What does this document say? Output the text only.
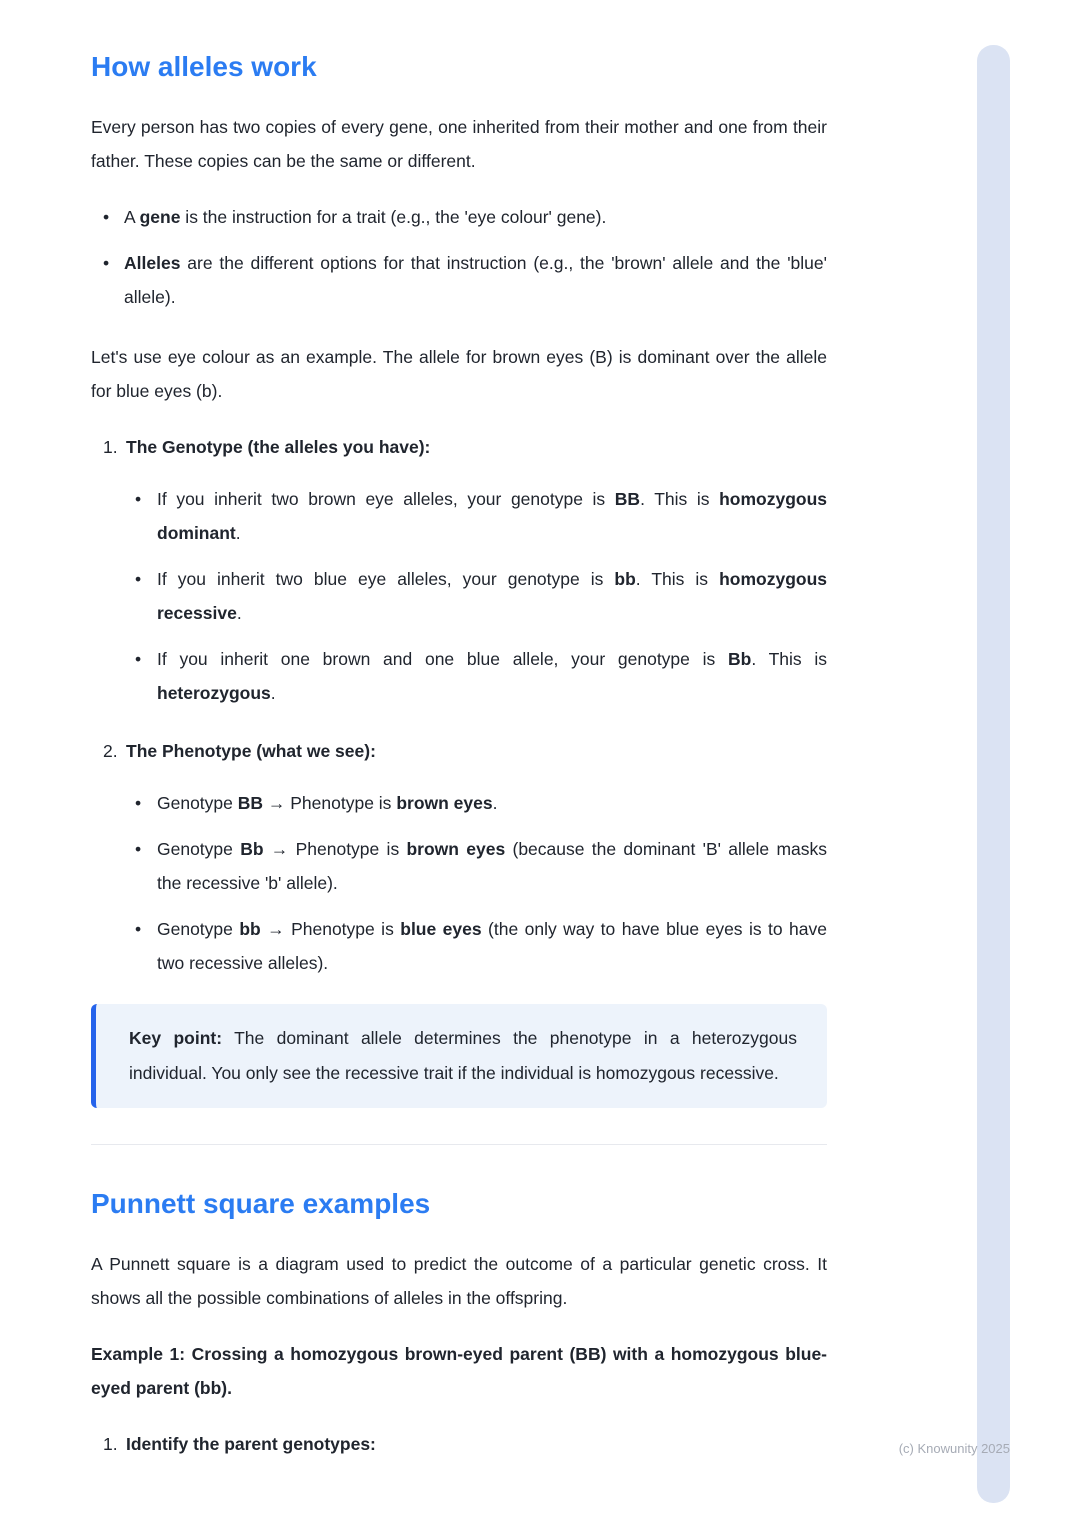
How alleles work

Every person has two copies of every gene, one inherited from their mother and one from their father. These copies can be the same or different.

• A gene is the instruction for a trait (e.g., the 'eye colour' gene).
• Alleles are the different options for that instruction (e.g., the 'brown' allele and the 'blue' allele).

Let's use eye colour as an example. The allele for brown eyes (B) is dominant over the allele for blue eyes (b).

1. The Genotype (the alleles you have):
• If you inherit two brown eye alleles, your genotype is BB. This is homozygous dominant.
• If you inherit two blue eye alleles, your genotype is bb. This is homozygous recessive.
• If you inherit one brown and one blue allele, your genotype is Bb. This is heterozygous.
2. The Phenotype (what we see):
• Genotype BB → Phenotype is brown eyes.
• Genotype Bb → Phenotype is brown eyes (because the dominant 'B' allele masks the recessive 'b' allele).
• Genotype bb → Phenotype is blue eyes (the only way to have blue eyes is to have two recessive alleles).
Key point: The dominant allele determines the phenotype in a heterozygous individual. You only see the recessive trait if the individual is homozygous recessive.
Punnett square examples

A Punnett square is a diagram used to predict the outcome of a particular genetic cross. It shows all the possible combinations of alleles in the offspring.

Example 1: Crossing a homozygous brown-eyed parent (BB) with a homozygous blue-eyed parent (bb).

1. Identify the parent genotypes:	(c) Knowunity 2025
